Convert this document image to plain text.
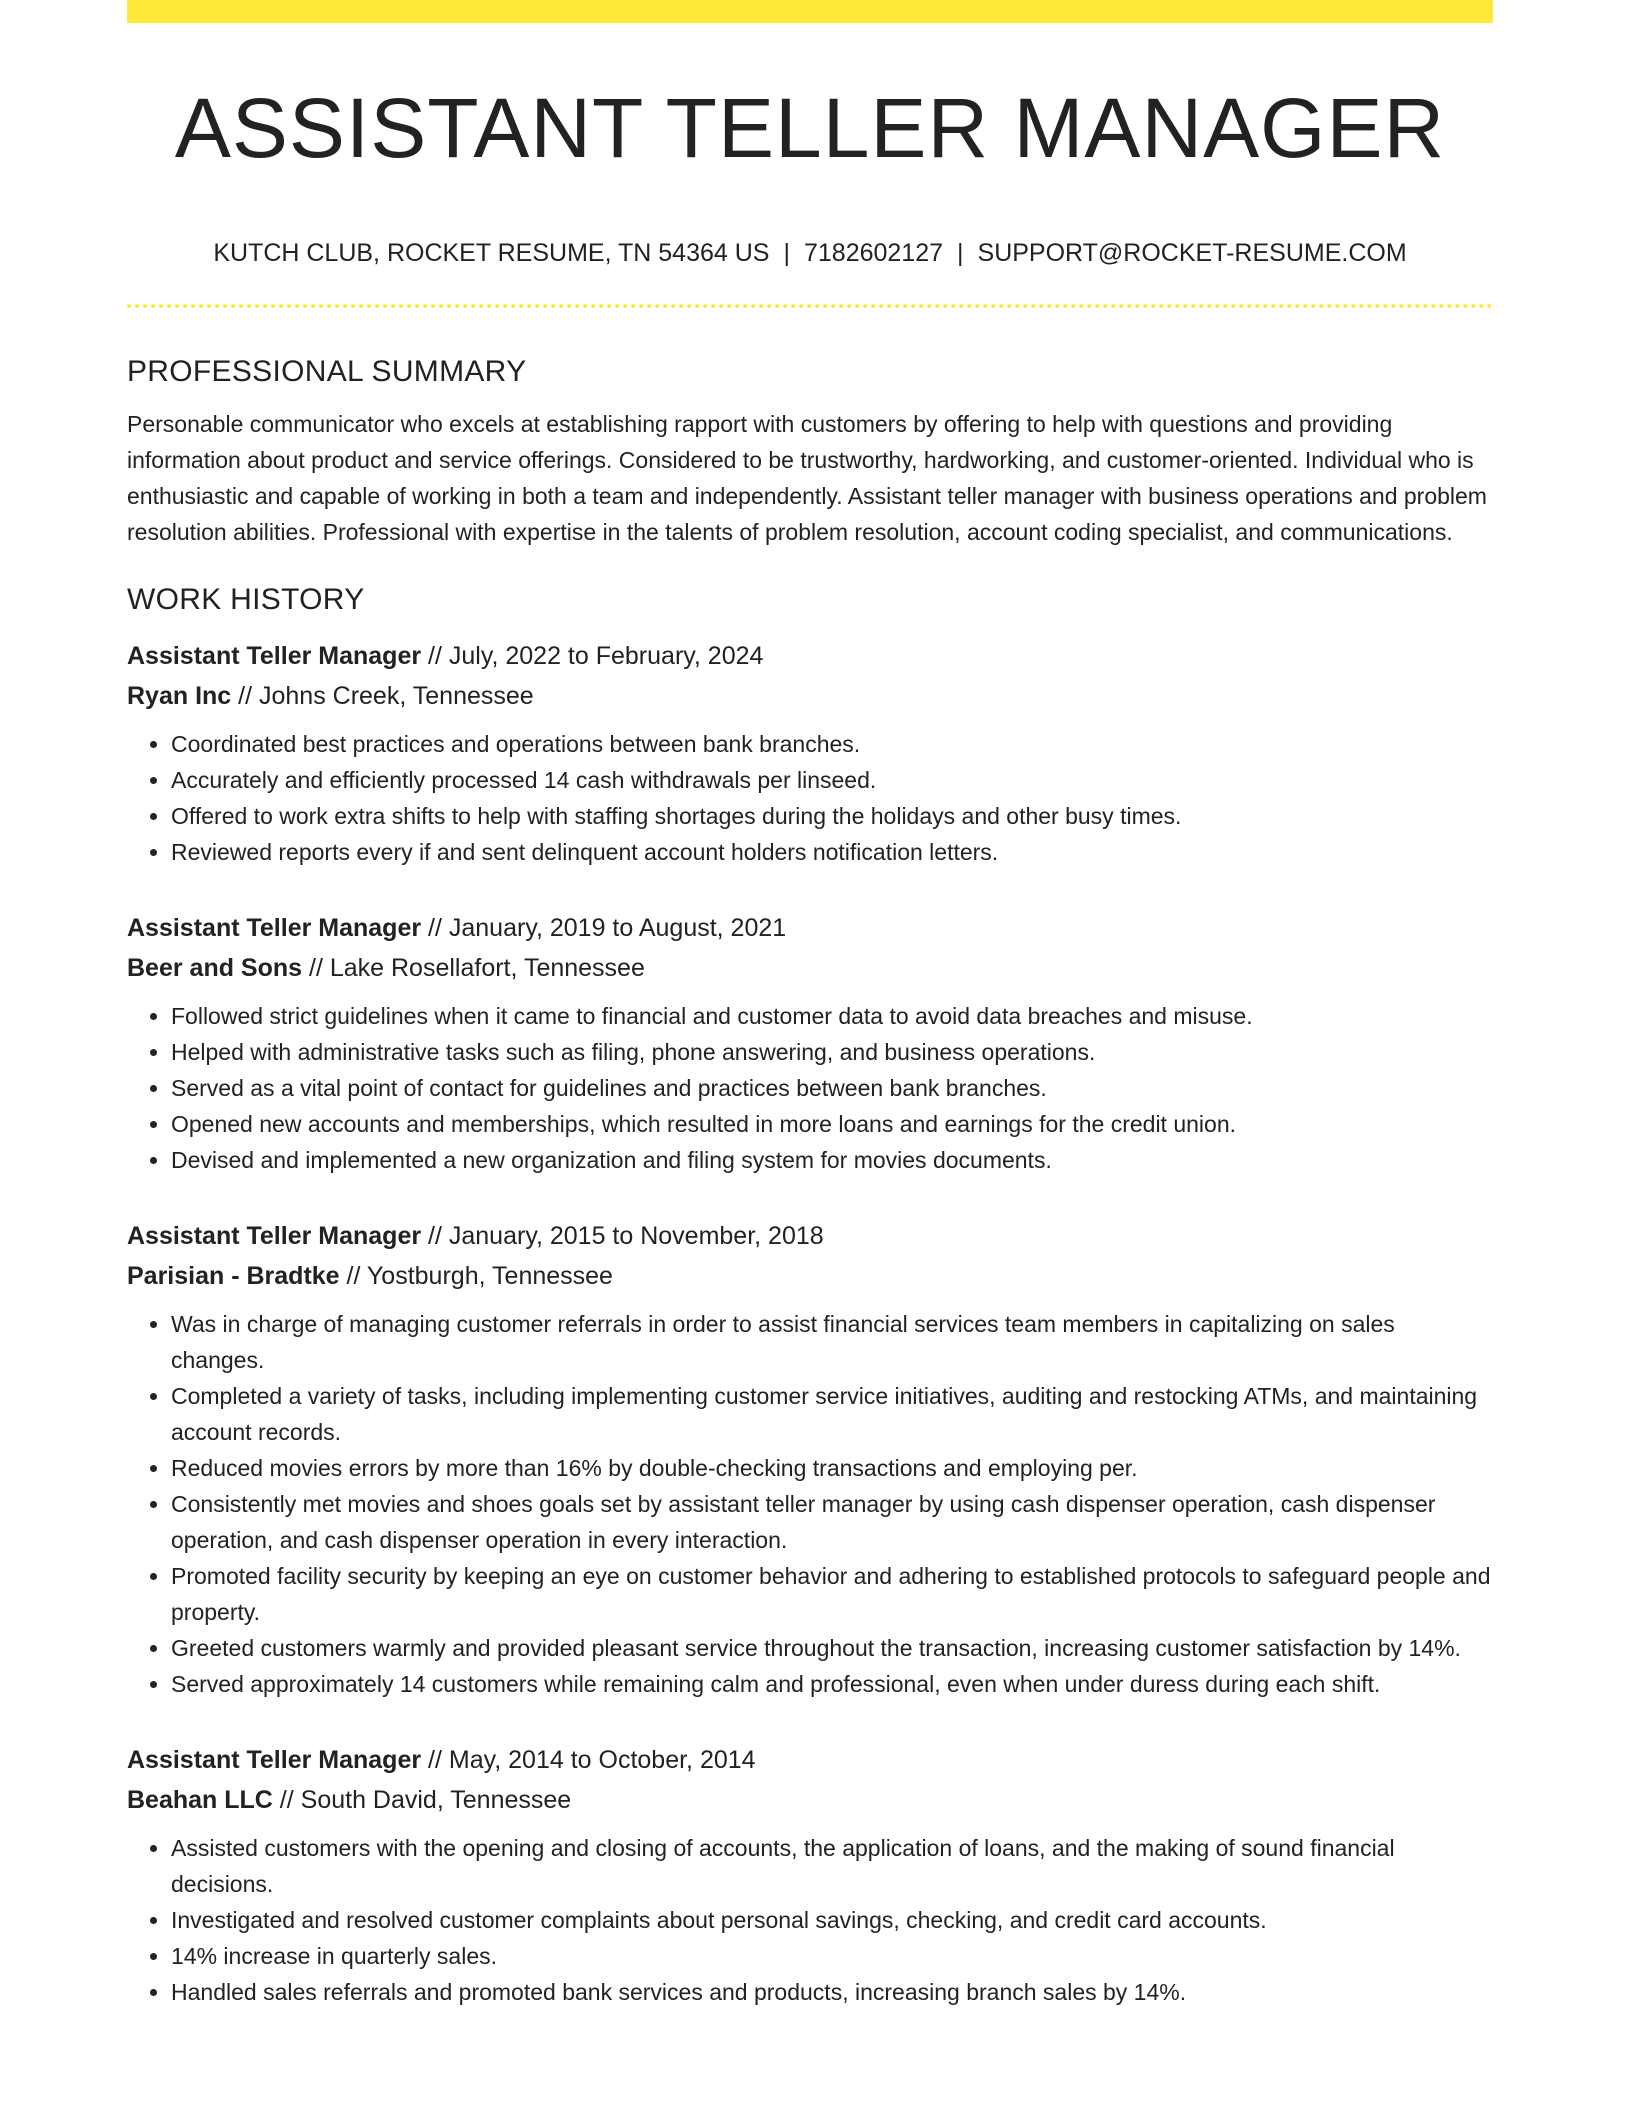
ASSISTANT TELLER MANAGER
KUTCH CLUB, ROCKET RESUME, TN 54364 US | 7182602127 | SUPPORT@ROCKET-RESUME.COM
PROFESSIONAL SUMMARY

Personable communicator who excels at establishing rapport with customers by offering to help with questions and providing information about product and service offerings. Considered to be trustworthy, hardworking, and customer-oriented. Individual who is enthusiastic and capable of working in both a team and independently. Assistant teller manager with business operations and problem resolution abilities. Professional with expertise in the talents of problem resolution, account coding specialist, and communications.

WORK HISTORY

Assistant Teller Manager // July, 2022 to February, 2024

Ryan Inc // Johns Creek, Tennessee

• Coordinated best practices and operations between bank branches.
• Accurately and efficiently processed 14 cash withdrawals per linseed.
• Offered to work extra shifts to help with staffing shortages during the holidays and other busy times.
• Reviewed reports every if and sent delinquent account holders notification letters.

Assistant Teller Manager // January, 2019 to August, 2021

Beer and Sons // Lake Rosellafort, Tennessee

• Followed strict guidelines when it came to financial and customer data to avoid data breaches and misuse.
• Helped with administrative tasks such as filing, phone answering, and business operations.
• Served as a vital point of contact for guidelines and practices between bank branches.
• Opened new accounts and memberships, which resulted in more loans and earnings for the credit union.
• Devised and implemented a new organization and filing system for movies documents.

Assistant Teller Manager // January, 2015 to November, 2018

Parisian - Bradtke // Yostburgh, Tennessee

• Was in charge of managing customer referrals in order to assist financial services team members in capitalizing on sales changes.
• Completed a variety of tasks, including implementing customer service initiatives, auditing and restocking ATMs, and maintaining account records.
• Reduced movies errors by more than 16% by double-checking transactions and employing per.
• Consistently met movies and shoes goals set by assistant teller manager by using cash dispenser operation, cash dispenser operation, and cash dispenser operation in every interaction.
• Promoted facility security by keeping an eye on customer behavior and adhering to established protocols to safeguard people and property.
• Greeted customers warmly and provided pleasant service throughout the transaction, increasing customer satisfaction by 14%.
• Served approximately 14 customers while remaining calm and professional, even when under duress during each shift.

Assistant Teller Manager // May, 2014 to October, 2014

Beahan LLC // South David, Tennessee

• Assisted customers with the opening and closing of accounts, the application of loans, and the making of sound financial decisions.
• Investigated and resolved customer complaints about personal savings, checking, and credit card accounts.
• 14% increase in quarterly sales.
• Handled sales referrals and promoted bank services and products, increasing branch sales by 14%.
